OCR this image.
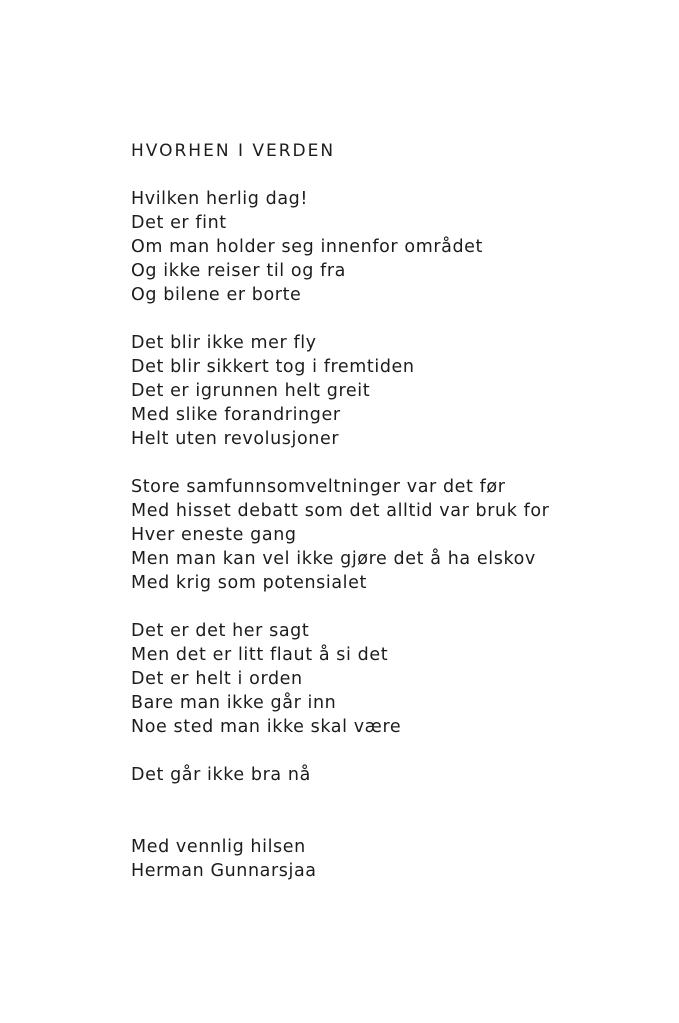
HVORHEN I VERDEN
Hvilken herlig dag!
Det er fint
Om man holder seg innenfor området
Og ikke reiser til og fra
Og bilene er borte
Det blir ikke mer fly
Det blir sikkert tog i fremtiden
Det er igrunnen helt greit
Med slike forandringer
Helt uten revolusjoner
Store samfunnsomveltninger var det før
Med hisset debatt som det alltid var bruk for
Hver eneste gang
Men man kan vel ikke gjøre det å ha elskov
Med krig som potensialet
Det er det her sagt
Men det er litt flaut å si det
Det er helt i orden
Bare man ikke går inn
Noe sted man ikke skal være
Det går ikke bra nå
Med vennlig hilsen
Herman Gunnarsjaa
